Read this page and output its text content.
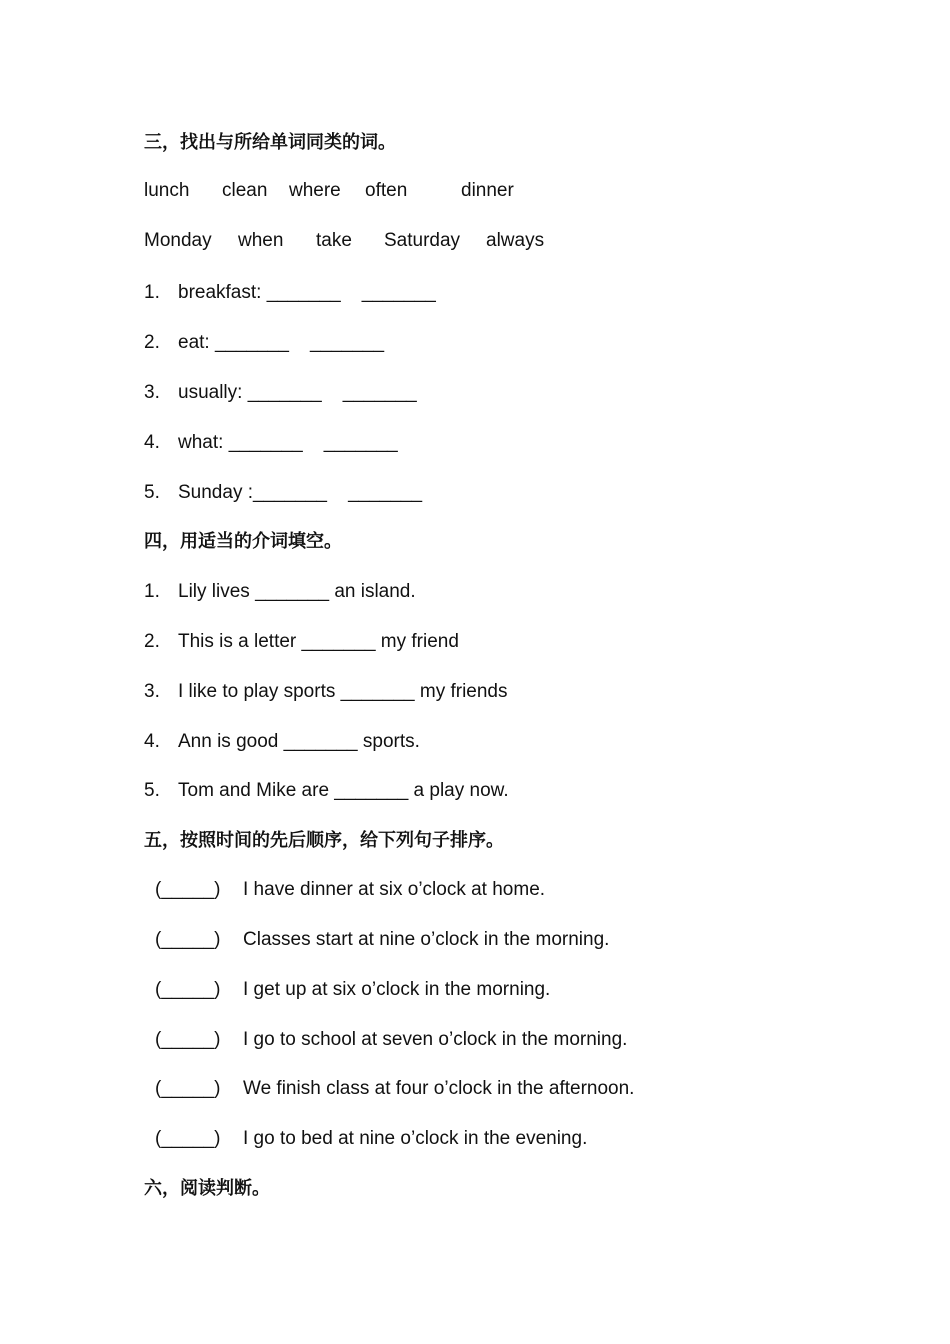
三，找出与所给单词同类的词。
lunch clean where often	dinner
Monday when take Saturday always
1. breakfast: _______    _______
2. eat: _______    _______
3. usually: _______    _______
4. what: _______    _______
5. Sunday :_______    _______
四，用适当的介词填空。
1. Lily lives _______ an island.
2. This is a letter _______ my friend
3. I like to play sports _______ my friends
4. Ann is good _______ sports.
5. Tom and Mike are _______ a play now.
五，按照时间的先后顺序，给下列句子排序。
(_____) I have dinner at six o’clock at home.
(_____) Classes start at nine o’clock in the morning.
(_____) I get up at six o’clock in the morning.
(_____) I go to school at seven o’clock in the morning.
(_____) We finish class at four o’clock in the afternoon.
(_____) I go to bed at nine o’clock in the evening.
六，阅读判断。
